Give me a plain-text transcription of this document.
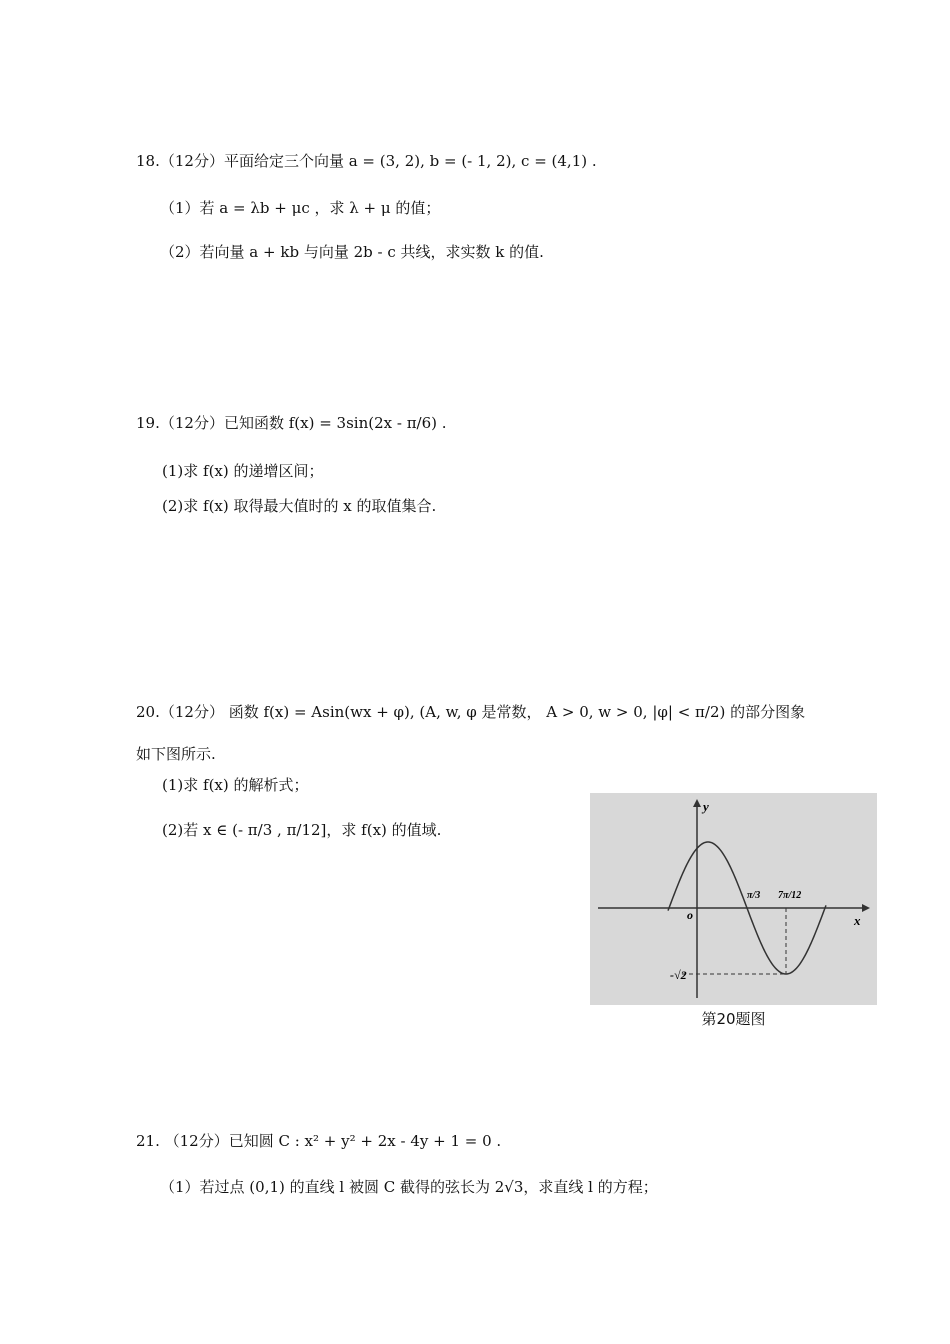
18.（12分）平面给定三个向量 a = (3, 2), b = (- 1, 2), c = (4,1) .
（1）若 a = λb + μc ，求 λ + μ 的值；
（2）若向量 a + kb 与向量 2b - c 共线，求实数 k 的值.
19.（12分）已知函数 f(x) = 3sin(2x - π/6) .
(1)求 f(x) 的递增区间；
(2)求 f(x) 取得最大值时的 x 的取值集合.
20.（12分） 函数 f(x) = Asin(wx + φ), (A, w, φ 是常数， A > 0, w > 0, |φ| < π/2) 的部分图象
如下图所示.
(1)求 f(x) 的解析式；
(2)若 x ∈ (- π/3 , π/12]，求 f(x) 的值域.
y
x
o
π/3 7π/12
-√2
第20题图
21. （12分）已知圆 C : x² + y² + 2x - 4y + 1 = 0 .
（1）若过点 (0,1) 的直线 l 被圆 C 截得的弦长为 2√3，求直线 l 的方程；
